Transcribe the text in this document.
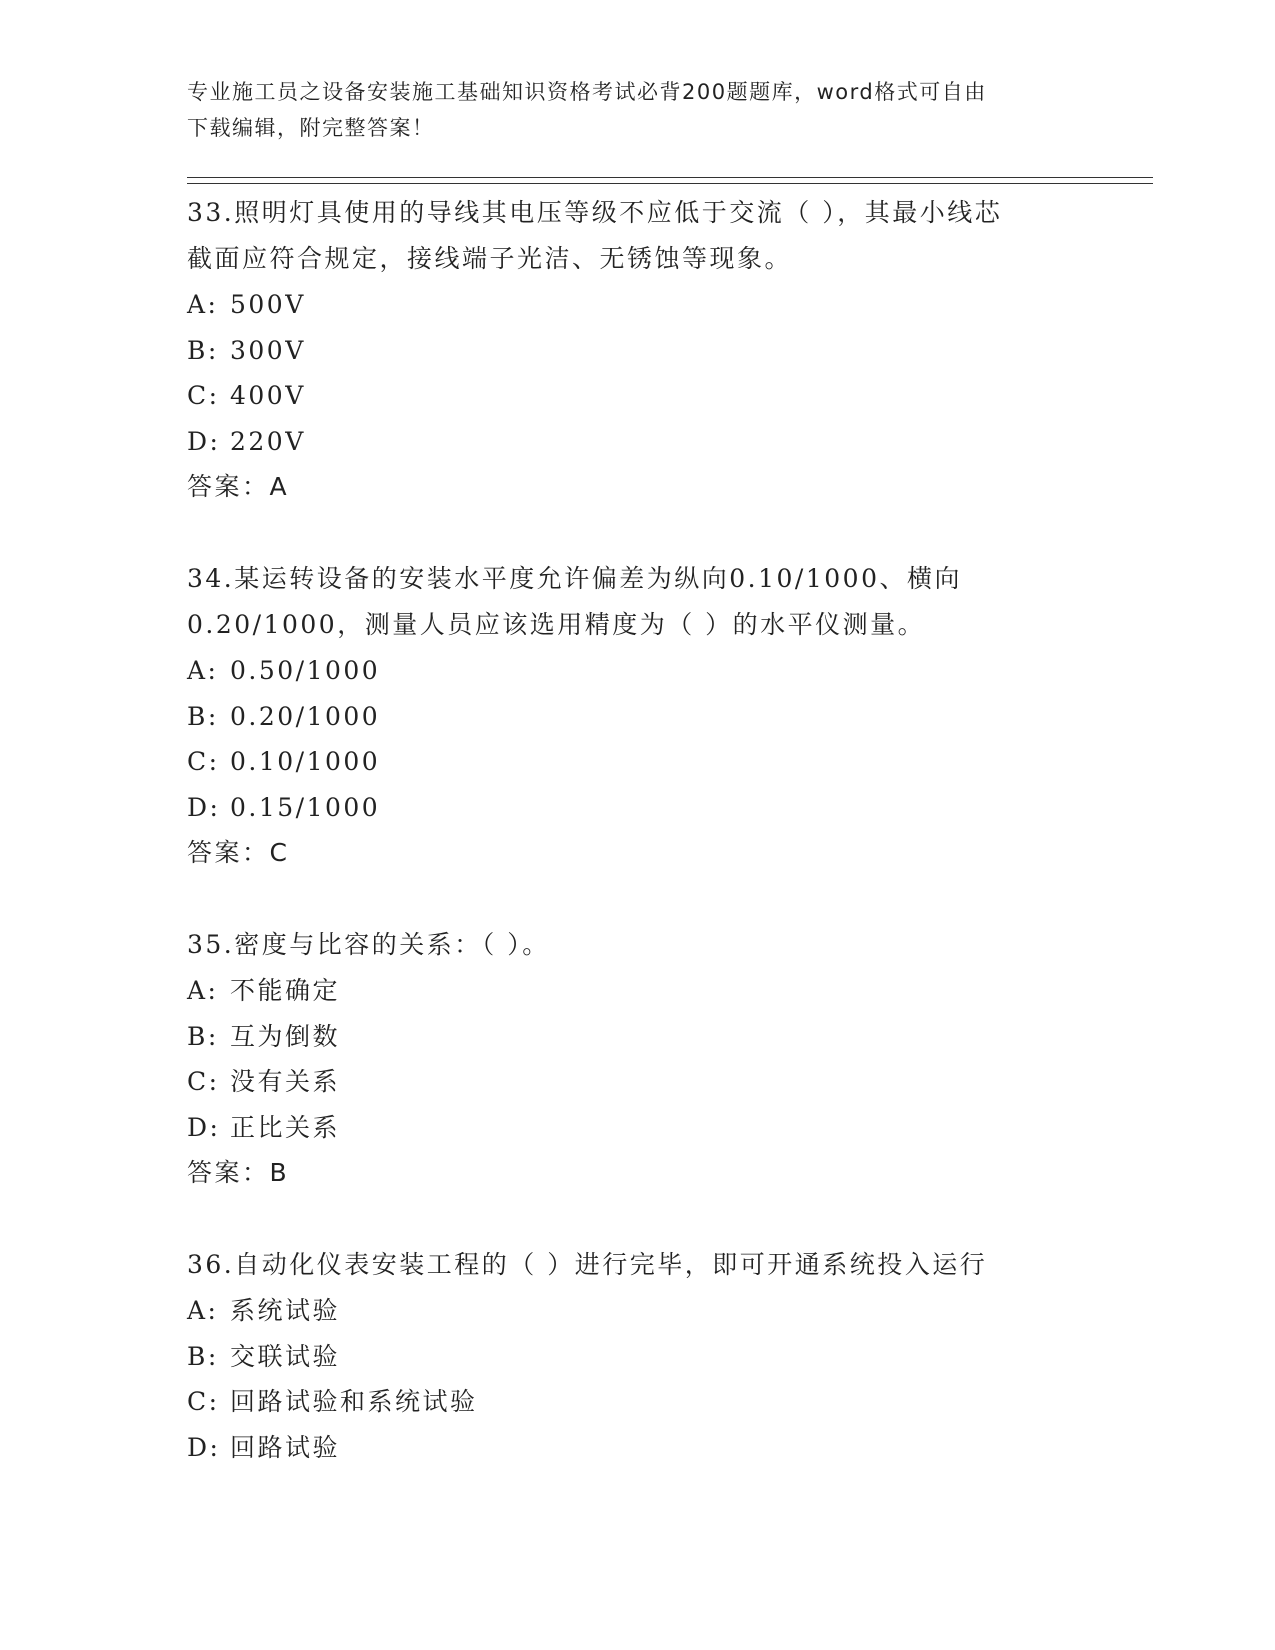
专业施工员之设备安装施工基础知识资格考试必背200题题库，word格式可自由
下载编辑，附完整答案！
33.照明灯具使用的导线其电压等级不应低于交流（ ），其最小线芯
截面应符合规定，接线端子光洁、无锈蚀等现象。
A: 500V
B: 300V
C: 400V
D: 220V
答案：A
34.某运转设备的安装水平度允许偏差为纵向0.10/1000、横向
0.20/1000，测量人员应该选用精度为（ ）的水平仪测量。
A: 0.50/1000
B: 0.20/1000
C: 0.10/1000
D: 0.15/1000
答案：C
35.密度与比容的关系：（ ）。
A: 不能确定
B: 互为倒数
C: 没有关系
D: 正比关系
答案：B
36.自动化仪表安装工程的（ ）进行完毕，即可开通系统投入运行
A: 系统试验
B: 交联试验
C: 回路试验和系统试验
D: 回路试验
